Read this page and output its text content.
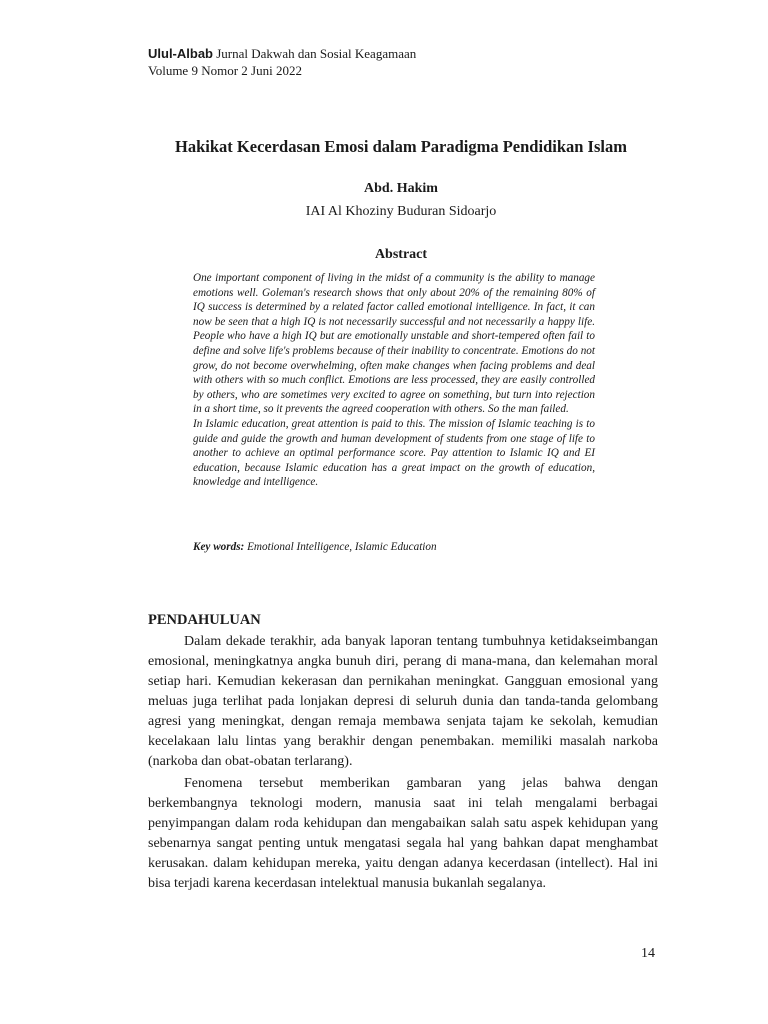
Ulul-Albab Jurnal Dakwah dan Sosial Keagamaan
Volume 9 Nomor 2 Juni 2022
Hakikat Kecerdasan Emosi dalam Paradigma Pendidikan Islam
Abd. Hakim
IAI Al Khoziny Buduran Sidoarjo
Abstract

One important component of living in the midst of a community is the ability to manage emotions well. Goleman's research shows that only about 20% of the remaining 80% of IQ success is determined by a related factor called emotional intelligence. In fact, it can now be seen that a high IQ is not necessarily successful and not necessarily a happy life. People who have a high IQ but are emotionally unstable and short-tempered often fail to define and solve life's problems because of their inability to concentrate. Emotions do not grow, do not become overwhelming, often make changes when facing problems and deal with others with so much conflict. Emotions are less processed, they are easily controlled by others, who are sometimes very excited to agree on something, but turn into rejection in a short time, so it prevents the agreed cooperation with others. So the man failed.

In Islamic education, great attention is paid to this. The mission of Islamic teaching is to guide and guide the growth and human development of students from one stage of life to another to achieve an optimal performance score. Pay attention to Islamic IQ and EI education, because Islamic education has a great impact on the growth of education, knowledge and intelligence.

Key words: Emotional Intelligence, Islamic Education
PENDAHULUAN

Dalam dekade terakhir, ada banyak laporan tentang tumbuhnya ketidakseimbangan emosional, meningkatnya angka bunuh diri, perang di mana-mana, dan kelemahan moral setiap hari. Kemudian kekerasan dan pernikahan meningkat. Gangguan emosional yang meluas juga terlihat pada lonjakan depresi di seluruh dunia dan tanda-tanda gelombang agresi yang meningkat, dengan remaja membawa senjata tajam ke sekolah, kemudian kecelakaan lalu lintas yang berakhir dengan penembakan. memiliki masalah narkoba (narkoba dan obat-obatan terlarang).

Fenomena tersebut memberikan gambaran yang jelas bahwa dengan berkembangnya teknologi modern, manusia saat ini telah mengalami berbagai penyimpangan dalam roda kehidupan dan mengabaikan salah satu aspek kehidupan yang sebenarnya sangat penting untuk mengatasi segala hal yang bahkan dapat menghambat kerusakan. dalam kehidupan mereka, yaitu dengan adanya kecerdasan (intellect). Hal ini bisa terjadi karena kecerdasan intelektual manusia bukanlah segalanya.

14
